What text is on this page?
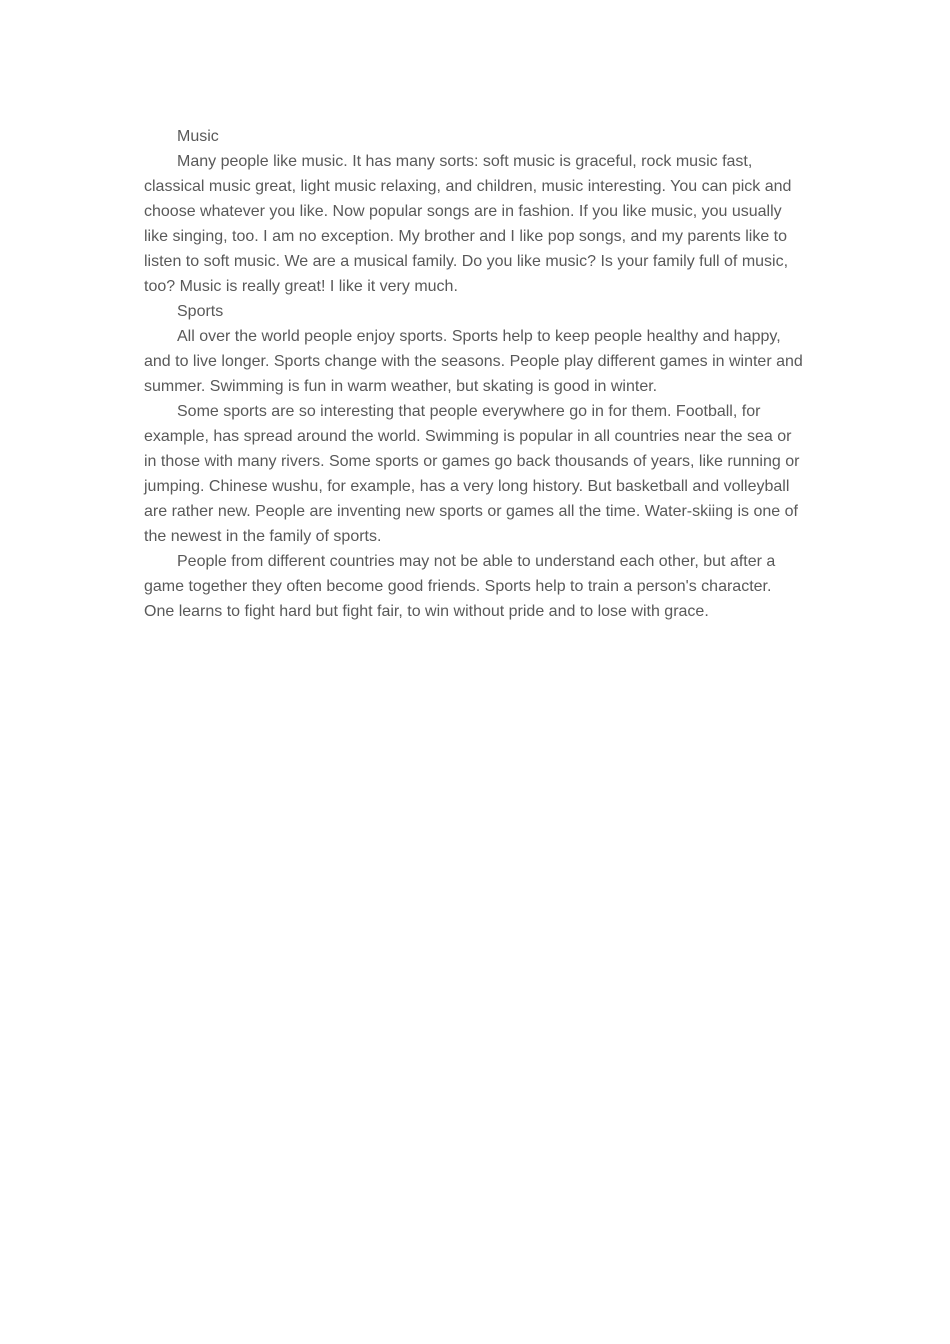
Music

Many people like music. It has many sorts: soft music is graceful, rock music fast, classical music great, light music relaxing, and children, music interesting. You can pick and choose whatever you like. Now popular songs are in fashion. If you like music, you usually like singing, too. I am no exception. My brother and I like pop songs, and my parents like to listen to soft music. We are a musical family. Do you like music? Is your family full of music, too? Music is really great! I like it very much.

Sports

All over the world people enjoy sports. Sports help to keep people healthy and happy, and to live longer. Sports change with the seasons. People play different games in winter and summer. Swimming is fun in warm weather, but skating is good in winter.

Some sports are so interesting that people everywhere go in for them. Football, for example, has spread around the world. Swimming is popular in all countries near the sea or in those with many rivers. Some sports or games go back thousands of years, like running or jumping. Chinese wushu, for example, has a very long history. But basketball and volleyball are rather new. People are inventing new sports or games all the time. Water-skiing is one of the newest in the family of sports.

People from different countries may not be able to understand each other, but after a game together they often become good friends. Sports help to train a person's character. One learns to fight hard but fight fair, to win without pride and to lose with grace.
